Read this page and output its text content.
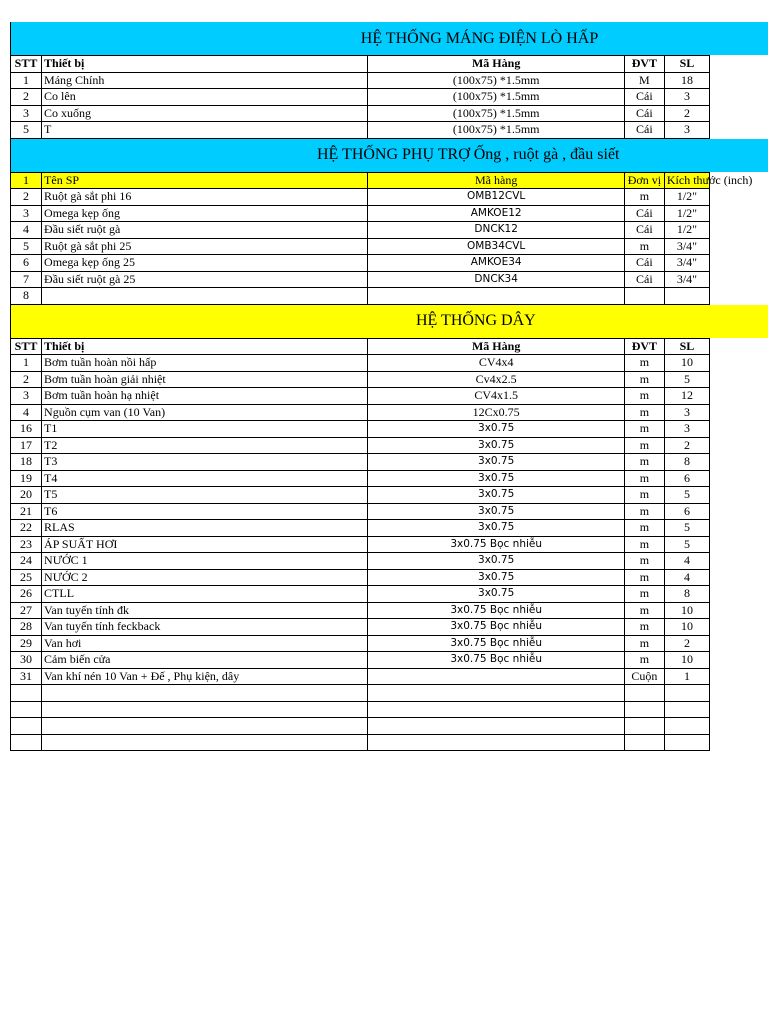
HỆ THỐNG MÁNG ĐIỆN LÒ HẤP
STT	Thiết bị	Mã Hàng	ĐVT	SL
1	Máng Chính	(100x75) *1.5mm	M	18
2	Co lên	(100x75) *1.5mm	Cái	3
3	Co xuống	(100x75) *1.5mm	Cái	2
5	T	(100x75) *1.5mm	Cái	3
HỆ THỐNG PHỤ TRỢ Ống , ruột gà , đầu siết
1	Tên SP	Mã hàng	Đơn vị	Kích thước (inch)
2	Ruột gà sắt phi 16	OMB12CVL	m	1/2"
3	Omega kẹp ống	AMKOE12	Cái	1/2"
4	Đầu siết ruột gà	DNCK12	Cái	1/2"
5	Ruột gà sắt phi 25	OMB34CVL	m	3/4"
6	Omega kẹp ống 25	AMKOE34	Cái	3/4"
7	Đầu siết ruột gà 25	DNCK34	Cái	3/4"
8				
HỆ THỐNG DÂY
STT	Thiết bị	Mã Hàng	ĐVT	SL
1	Bơm tuần hoàn nồi hấp	CV4x4	m	10
2	Bơm tuần hoàn giải nhiệt	Cv4x2.5	m	5
3	Bơm tuần hoàn hạ nhiệt	CV4x1.5	m	12
4	Nguồn cụm van (10 Van)	12Cx0.75	m	3
16	T1	3x0.75	m	3
17	T2	3x0.75	m	2
18	T3	3x0.75	m	8
19	T4	3x0.75	m	6
20	T5	3x0.75	m	5
21	T6	3x0.75	m	6
22	RLAS	3x0.75	m	5
23	ÁP SUẤT HƠI	3x0.75 Bọc nhiễu	m	5
24	NƯỚC 1	3x0.75	m	4
25	NƯỚC 2	3x0.75	m	4
26	CTLL	3x0.75	m	8
27	Van tuyến tính đk	3x0.75 Bọc nhiễu	m	10
28	Van tuyến tính feckback	3x0.75 Bọc nhiễu	m	10
29	Van hơi	3x0.75 Bọc nhiễu	m	2
30	Cảm biến cửa	3x0.75 Bọc nhiễu	m	10
31	Van khí nén 10 Van + Đế , Phụ kiện, dây		Cuộn	1
